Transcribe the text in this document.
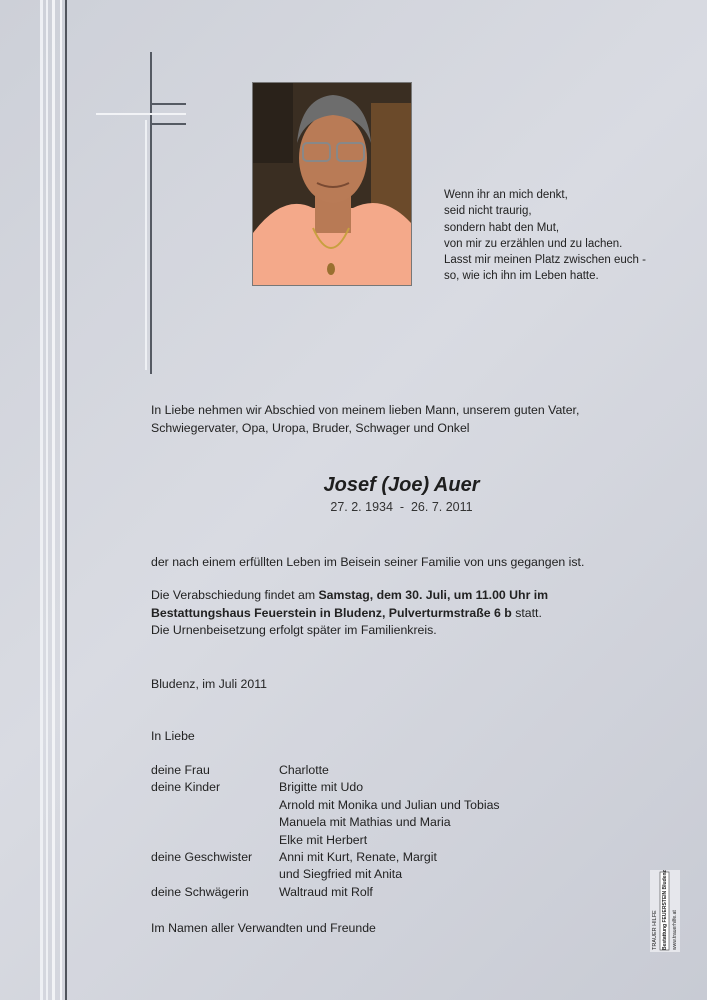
Wenn ihr an mich denkt,
seid nicht traurig,
sondern habt den Mut,
von mir zu erzählen und zu lachen.
Lasst mir meinen Platz zwischen euch -
so, wie ich ihn im Leben hatte.
In Liebe nehmen wir Abschied von meinem lieben Mann, unserem guten Vater,
Schwiegervater, Opa, Uropa, Bruder, Schwager und Onkel
Josef (Joe) Auer
27. 2. 1934  -  26. 7. 2011
der nach einem erfüllten Leben im Beisein seiner Familie von uns gegangen ist.
Die Verabschiedung findet am Samstag, dem 30. Juli, um 11.00 Uhr im
Bestattungshaus Feuerstein in Bludenz, Pulverturmstraße 6 b statt.
Die Urnenbeisetzung erfolgt später im Familienkreis.
Bludenz, im Juli 2011
In Liebe
deine Frau	Charlotte
deine Kinder	Brigitte mit Udo
Arnold mit Monika und Julian und Tobias
Manuela mit Mathias und Maria
Elke mit Herbert
deine Geschwister	Anni mit Kurt, Renate, Margit
und Siegfried mit Anita
deine Schwägerin	Waltraud mit Rolf
Im Namen aller Verwandten und Freunde	TRAUER HILFE Bestattung FEUERSTEIN Bludenz www.trauerhilfe.at
